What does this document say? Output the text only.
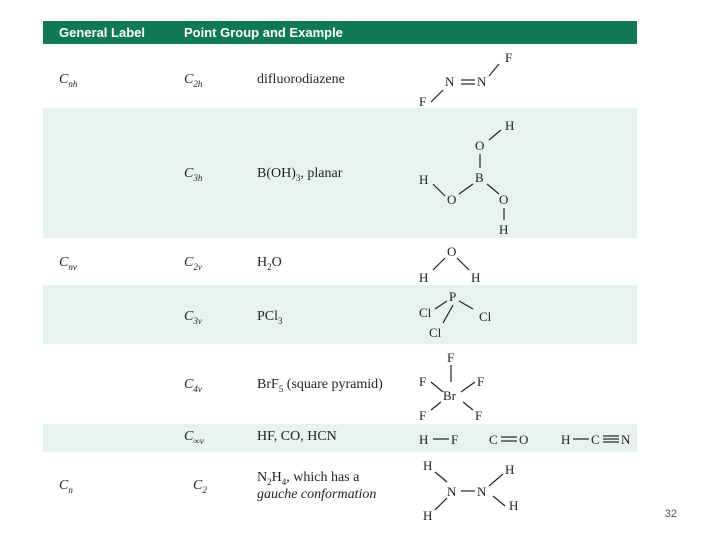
General Label	Point Group and Example
$C_{nh}$	$C_{2h}$	difluorodiazene
F
N
N
F
$C_{3h}$	$B(OH)_3$, planar
H
O
B
O
H
O
H
$C_{nv}$	$C_{2v}$	$H_2O$
O
H	H
$C_{3v}$	PCl$_3$
P
Cl	Cl
Cl
$C_{4v}$	BrF$_5$ (square pyramid)
F
F	F
Br
F	F
$C_{\infty v}$	HF, CO, HCN	H F C O	H C N
$C_n$	$C_2$
$N_2H_4$, which has a
gauche conformation
H
N N
H
H
H	32
